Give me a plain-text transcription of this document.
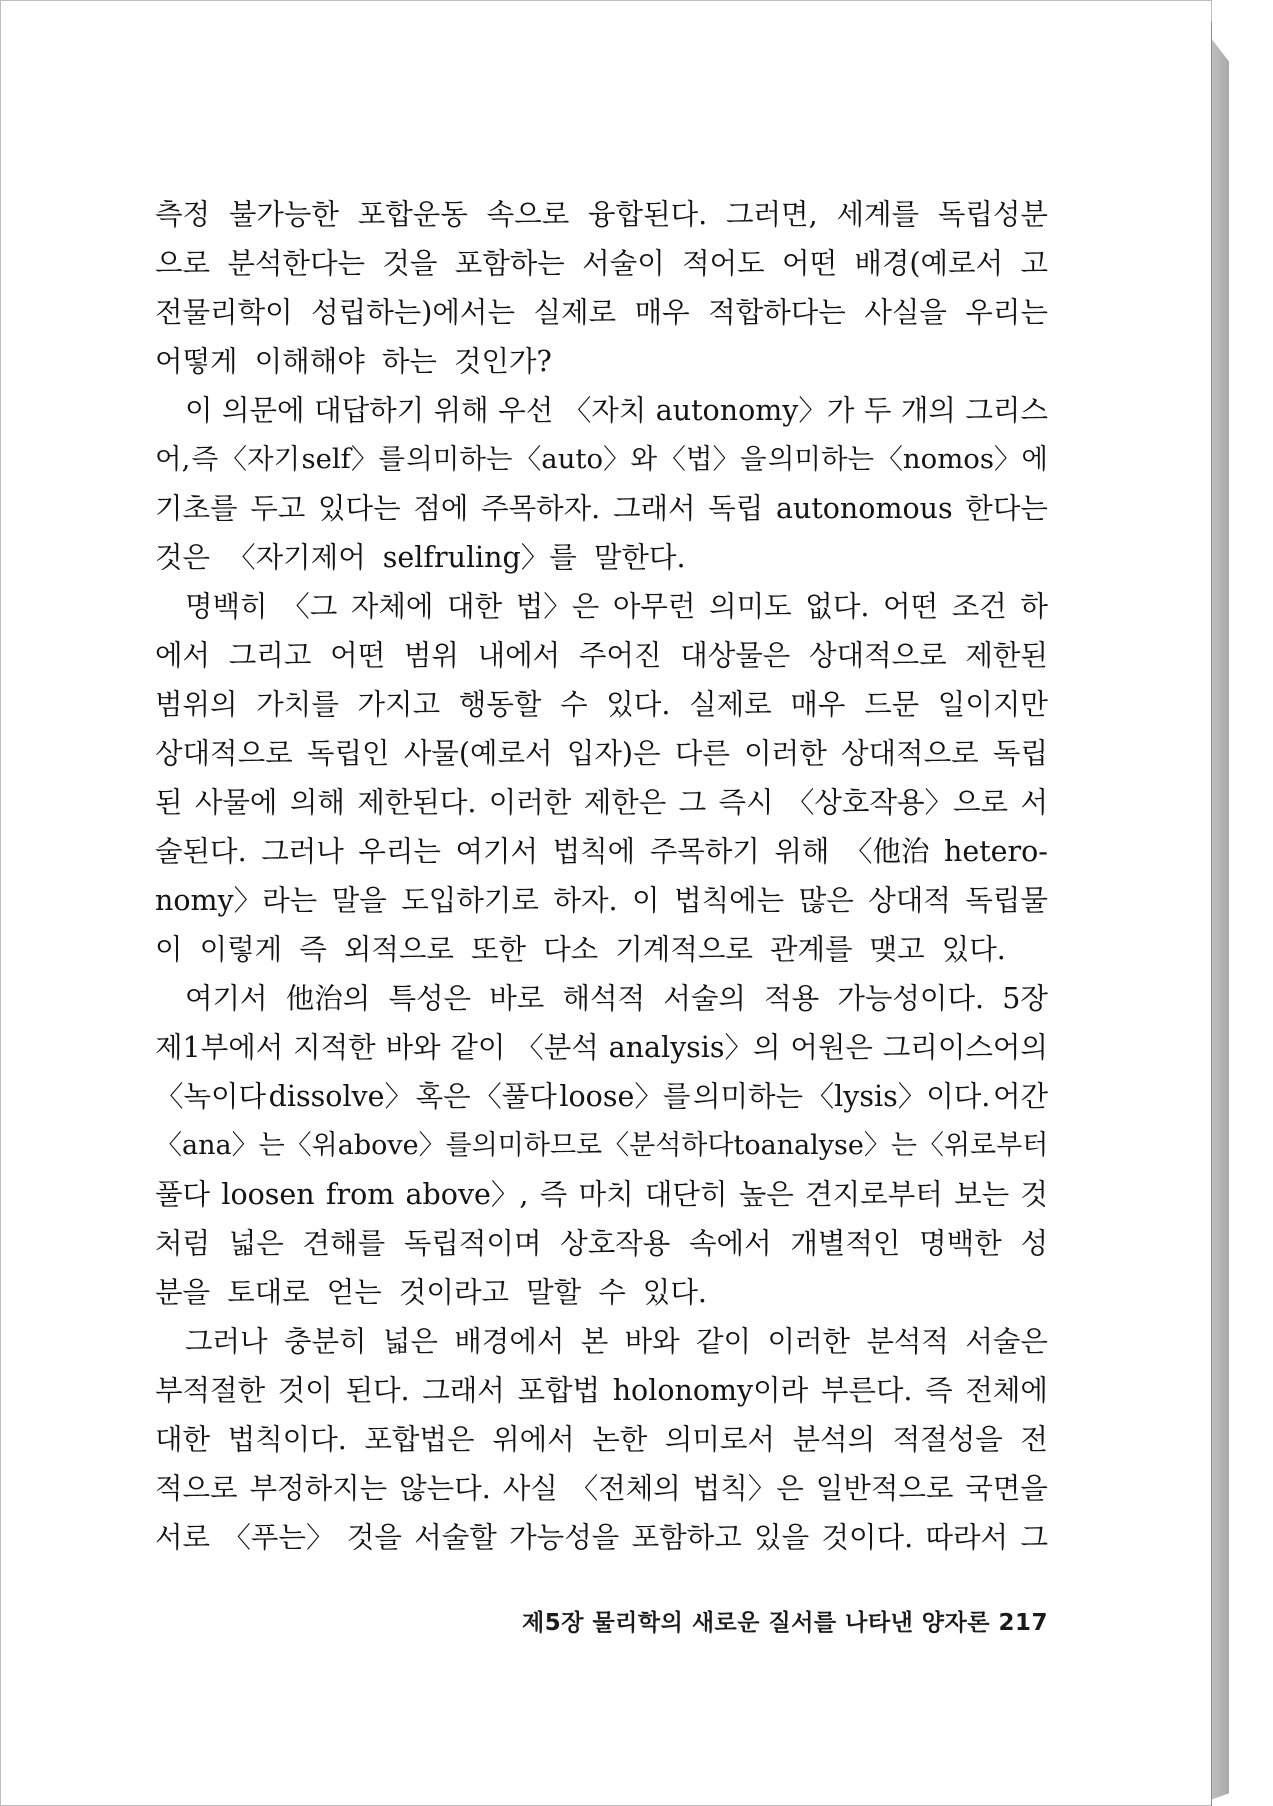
측정 불가능한 포합운동 속으로 융합된다. 그러면, 세계를 독립성분
으로 분석한다는 것을 포함하는 서술이 적어도 어떤 배경(예로서 고
전물리학이 성립하는)에서는 실제로 매우 적합하다는 사실을 우리는
어떻게 이해해야 하는 것인가?
이 의문에 대답하기 위해 우선 〈자치 autonomy〉가 두 개의 그리스
어, 즉 〈자기 self〉를 의미하는 〈auto〉와 〈법〉을 의미하는 〈nomos〉에
기초를 두고 있다는 점에 주목하자. 그래서 독립 autonomous 한다는
것은 〈자기제어 selfruling〉를 말한다.
명백히 〈그 자체에 대한 법〉은 아무런 의미도 없다. 어떤 조건 하
에서 그리고 어떤 범위 내에서 주어진 대상물은 상대적으로 제한된
범위의 가치를 가지고 행동할 수 있다. 실제로 매우 드문 일이지만
상대적으로 독립인 사물(예로서 입자)은 다른 이러한 상대적으로 독립
된 사물에 의해 제한된다. 이러한 제한은 그 즉시 〈상호작용〉으로 서
술된다. 그러나 우리는 여기서 법칙에 주목하기 위해 〈他治 hetero-
nomy〉라는 말을 도입하기로 하자. 이 법칙에는 많은 상대적 독립물
이 이렇게 즉 외적으로 또한 다소 기계적으로 관계를 맺고 있다.
여기서 他治의 특성은 바로 해석적 서술의 적용 가능성이다. 5장
제1부에서 지적한 바와 같이 〈분석 analysis〉의 어원은 그리이스어의
〈녹이다 dissolve〉 혹은 〈풀다 loose〉를 의미하는 〈lysis〉이다. 어간
〈ana〉는 〈위 above〉를 의미하므로 〈분석하다 to analyse〉는 〈위로부터
풀다 loosen from above〉, 즉 마치 대단히 높은 견지로부터 보는 것
처럼 넓은 견해를 독립적이며 상호작용 속에서 개별적인 명백한 성
분을 토대로 얻는 것이라고 말할 수 있다.
그러나 충분히 넓은 배경에서 본 바와 같이 이러한 분석적 서술은
부적절한 것이 된다. 그래서 포합법 holonomy이라 부른다. 즉 전체에
대한 법칙이다. 포합법은 위에서 논한 의미로서 분석의 적절성을 전
적으로 부정하지는 않는다. 사실 〈전체의 법칙〉은 일반적으로 국면을
서로 〈푸는〉 것을 서술할 가능성을 포함하고 있을 것이다. 따라서 그
제5장 물리학의 새로운 질서를 나타낸 양자론 217
